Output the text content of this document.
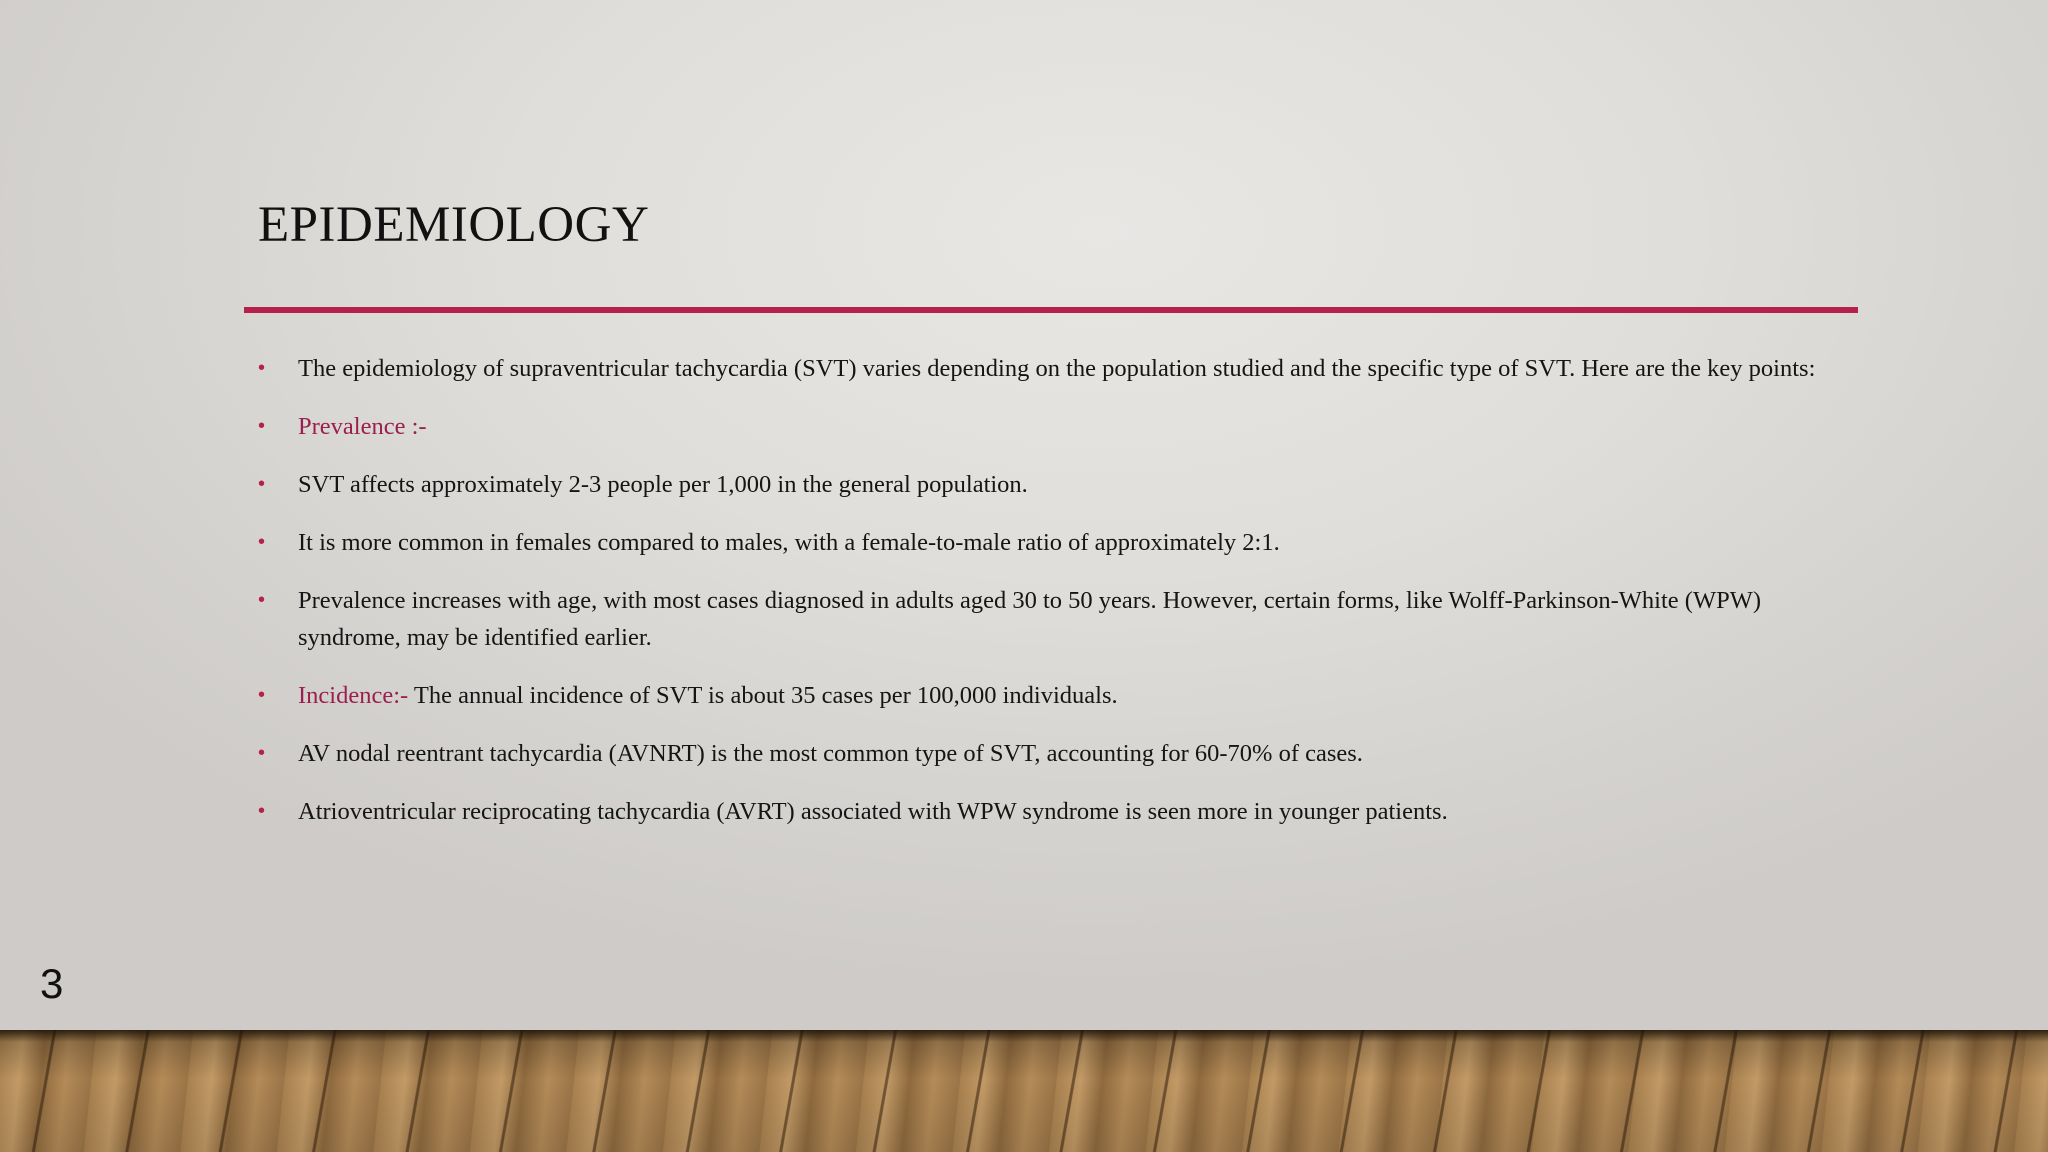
EPIDEMIOLOGY
•	The epidemiology of supraventricular tachycardia (SVT) varies depending on the population studied and the specific type of SVT. Here are the key points:
•	Prevalence :-
•	SVT affects approximately 2-3 people per 1,000 in the general population.
•	It is more common in females compared to males, with a female-to-male ratio of approximately 2:1.
•	Prevalence increases with age, with most cases diagnosed in adults aged 30 to 50 years. However, certain forms, like Wolff-Parkinson-White (WPW) syndrome, may be identified earlier.
•	Incidence:- The annual incidence of SVT is about 35 cases per 100,000 individuals.
•	AV nodal reentrant tachycardia (AVNRT) is the most common type of SVT, accounting for 60-70% of cases.
•	Atrioventricular reciprocating tachycardia (AVRT) associated with WPW syndrome is seen more in younger patients.
3
